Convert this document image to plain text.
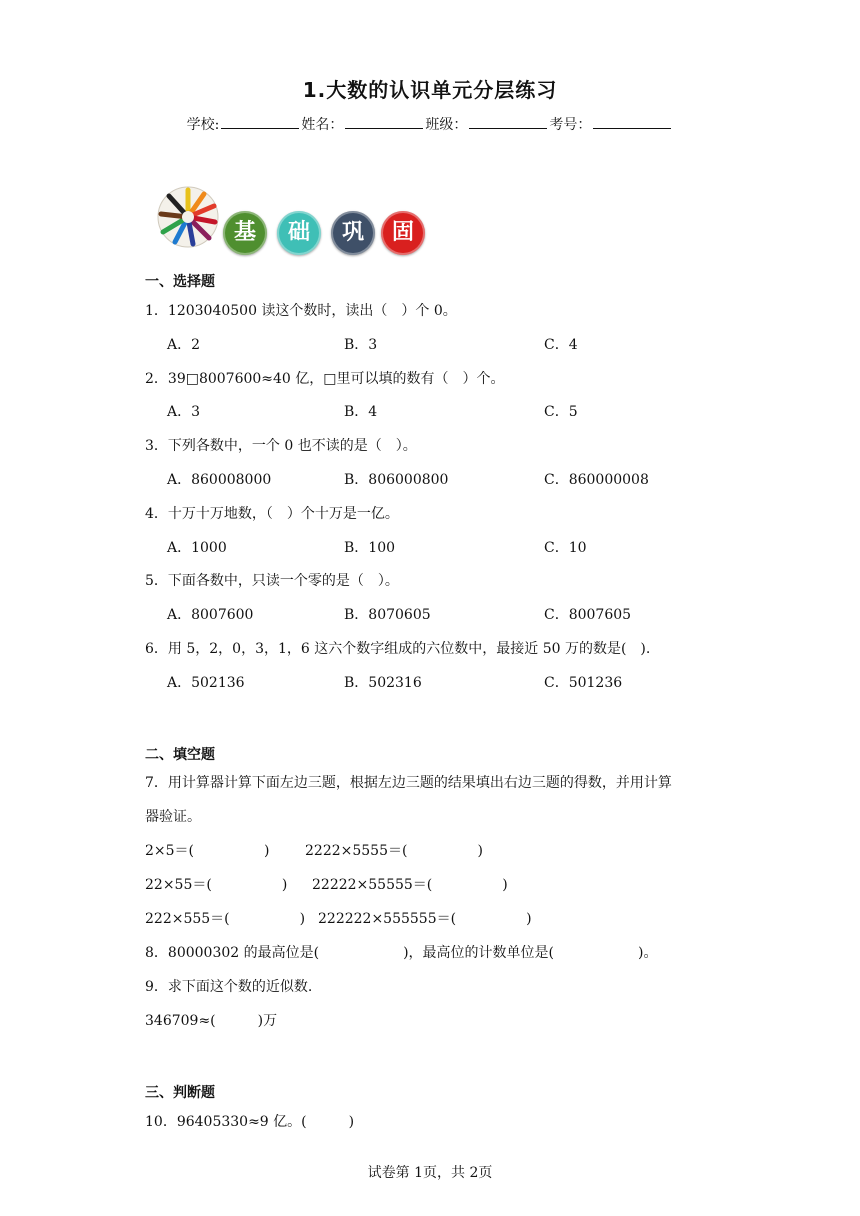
1.大数的认识单元分层练习
学校:	姓名：	班级：	考号：
基	础	巩	固
一、选择题
1．1203040500 读这个数时，读出（　）个 0。
A．2	B．3	C．4
2．39□8007600≈40 亿，□里可以填的数有（　）个。
A．3	B．4	C．5
3．下列各数中，一个 0 也不读的是（　）。
A．860008000	B．806000800	C．860000008
4．十万十万地数，（　）个十万是一亿。
A．1000	B．100	C．10
5．下面各数中，只读一个零的是（　）。
A．8007600	B．8070605	C．8007605
6．用 5，2，0，3，1，6 这六个数字组成的六位数中，最接近 50 万的数是(　).
A．502136	B．502316	C．501236
二、填空题
7．用计算器计算下面左边三题，根据左边三题的结果填出右边三题的得数，并用计算
器验证。
2×5＝(　　　　　)	2222×5555＝(　　　　　)
22×55＝(　　　　　) 22222×55555＝(　　　　　)
222×555＝(　　　　　) 222222×555555＝(　　　　　)
8．80000302 的最高位是(　　　　　　)，最高位的计数单位是(　　　　　　)。
9．求下面这个数的近似数.
346709≈(　　　)万
三、判断题
10．96405330≈9 亿。(　　　)
试卷第 1页，共 2页
